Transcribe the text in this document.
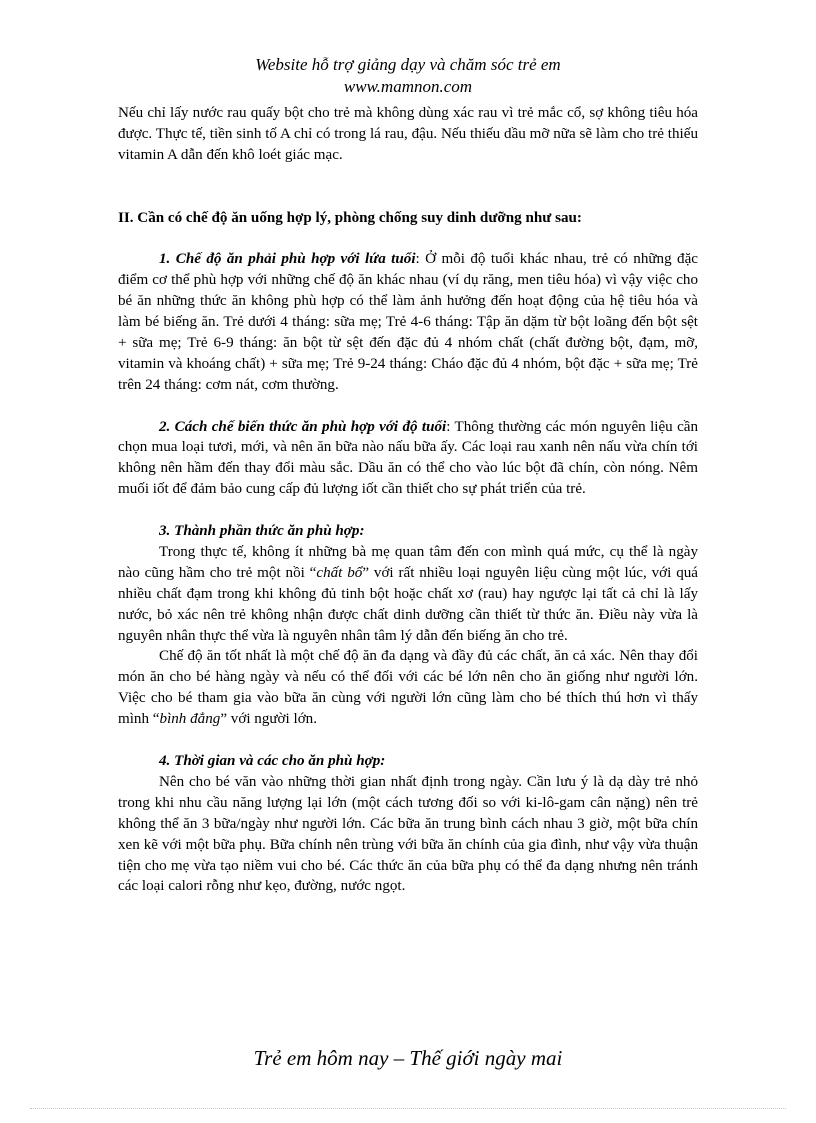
Website hỗ trợ giảng dạy và chăm sóc trẻ em
www.mamnon.com

Nếu chỉ lấy nước rau quấy bột cho trẻ mà không dùng xác rau vì trẻ mắc cổ, sợ không tiêu hóa được. Thực tế, tiền sinh tố A chỉ có trong lá rau, đậu. Nếu thiếu dầu mỡ nữa sẽ làm cho trẻ thiếu vitamin A dẫn đến khô loét giác mạc.

II. Cần có chế độ ăn uống hợp lý, phòng chống suy dinh dưỡng như sau:

1. Chế độ ăn phải phù hợp với lứa tuổi: Ở mỗi độ tuổi khác nhau, trẻ có những đặc điểm cơ thể phù hợp với những chế độ ăn khác nhau (ví dụ răng, men tiêu hóa) vì vậy việc cho bé ăn những thức ăn không phù hợp có thể làm ảnh hưởng đến hoạt động của hệ tiêu hóa và làm bé biếng ăn. Trẻ dưới 4 tháng: sữa mẹ; Trẻ 4-6 tháng: Tập ăn dặm từ bột loãng đến bột sệt + sữa mẹ; Trẻ 6-9 tháng: ăn bột từ sệt đến đặc đủ 4 nhóm chất (chất đường bột, đạm, mỡ, vitamin và khoáng chất) + sữa mẹ; Trẻ 9-24 tháng: Cháo đặc đủ 4 nhóm, bột đặc + sữa mẹ; Trẻ trên 24 tháng: cơm nát, cơm thường.

2. Cách chế biến thức ăn phù hợp với độ tuổi: Thông thường các món nguyên liệu cần chọn mua loại tươi, mới, và nên ăn bữa nào nấu bữa ấy. Các loại rau xanh nên nấu vừa chín tới không nên hầm đến thay đổi màu sắc. Dầu ăn có thể cho vào lúc bột đã chín, còn nóng. Nêm muối iốt để đảm bảo cung cấp đủ lượng iốt cần thiết cho sự phát triển của trẻ.

3. Thành phần thức ăn phù hợp:

Trong thực tế, không ít những bà mẹ quan tâm đến con mình quá mức, cụ thể là ngày nào cũng hầm cho trẻ một nồi “chất bổ” với rất nhiều loại nguyên liệu cùng một lúc, với quá nhiều chất đạm trong khi không đủ tinh bột hoặc chất xơ (rau) hay ngược lại tất cả chỉ là lấy nước, bỏ xác nên trẻ không nhận được chất dinh dưỡng cần thiết từ thức ăn. Điều này vừa là nguyên nhân thực thể vừa là nguyên nhân tâm lý dẫn đến biếng ăn cho trẻ.

Chế độ ăn tốt nhất là một chế độ ăn đa dạng và đầy đủ các chất, ăn cả xác. Nên thay đổi món ăn cho bé hàng ngày và nếu có thể đối với các bé lớn nên cho ăn giống như người lớn. Việc cho bé tham gia vào bữa ăn cùng với người lớn cũng làm cho bé thích thú hơn vì thấy mình “bình đẳng” với người lớn.

4. Thời gian và các cho ăn phù hợp:

Nên cho bé văn vào những thời gian nhất định trong ngày. Cần lưu ý là dạ dày trẻ nhỏ trong khi nhu cầu năng lượng lại lớn (một cách tương đối so với ki-lô-gam cân nặng) nên trẻ không thể ăn 3 bữa/ngày như người lớn. Các bữa ăn trung bình cách nhau 3 giờ, một bữa chín xen kẽ với một bữa phụ. Bữa chính nên trùng với bữa ăn chính của gia đình, như vậy vừa thuận tiện cho mẹ vừa tạo niềm vui cho bé. Các thức ăn của bữa phụ có thể đa dạng nhưng nên tránh các loại calori rỗng như kẹo, đường, nước ngọt.

Trẻ em hôm nay – Thế giới ngày mai
